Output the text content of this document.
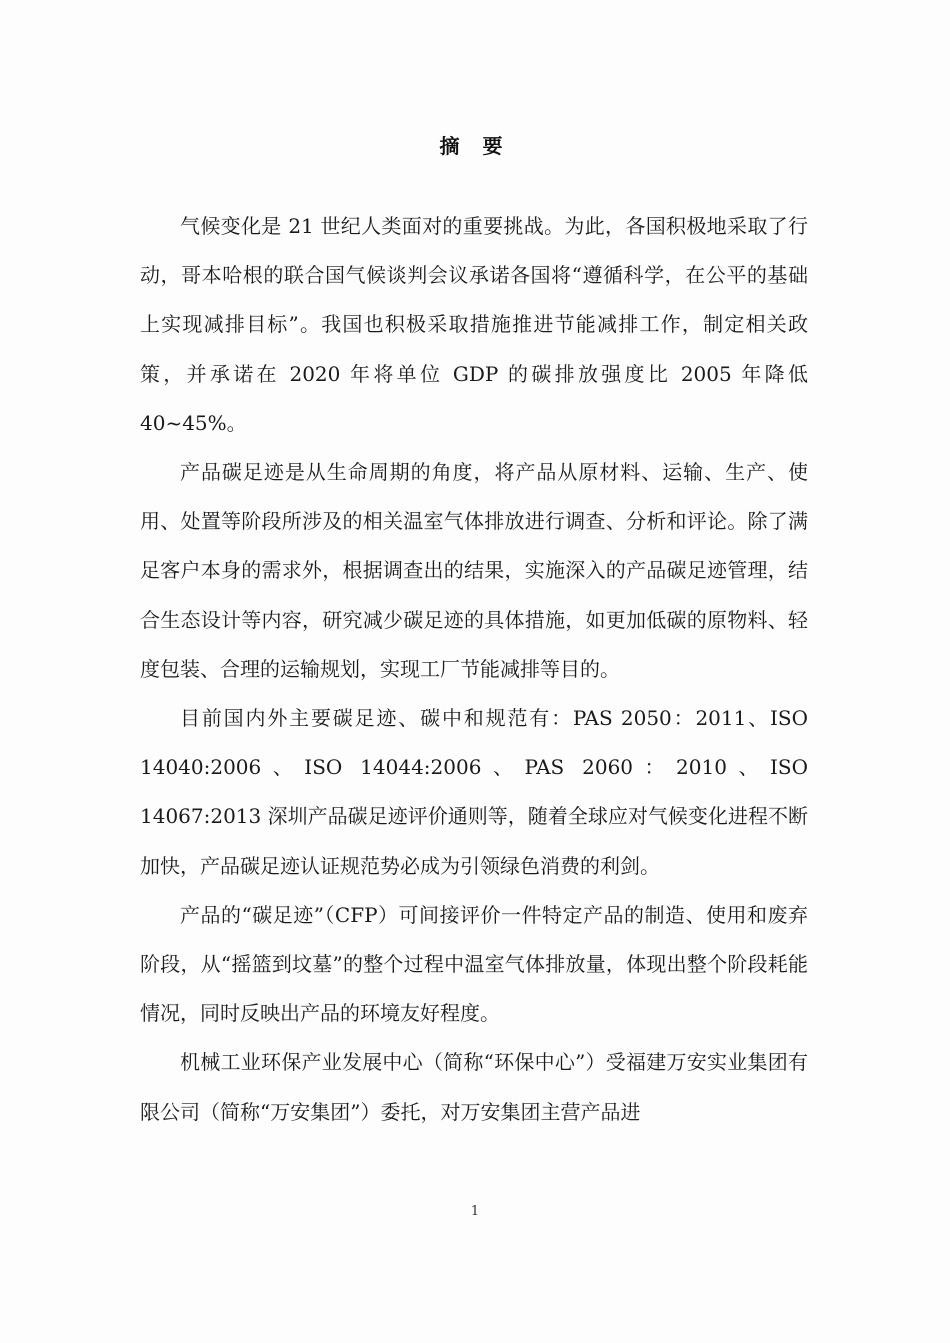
摘 要

气候变化是 21 世纪人类面对的重要挑战。为此，各国积极地采取了行动，哥本哈根的联合国气候谈判会议承诺各国将“遵循科学，在公平的基础上实现减排目标”。我国也积极采取措施推进节能减排工作，制定相关政策，并承诺在 2020 年将单位 GDP 的碳排放强度比 2005 年降低 40~45%。

产品碳足迹是从生命周期的角度，将产品从原材料、运输、生产、使用、处置等阶段所涉及的相关温室气体排放进行调查、分析和评论。除了满足客户本身的需求外，根据调查出的结果，实施深入的产品碳足迹管理，结合生态设计等内容，研究减少碳足迹的具体措施，如更加低碳的原物料、轻度包装、合理的运输规划，实现工厂节能减排等目的。

目前国内外主要碳足迹、碳中和规范有：PAS 2050：2011、ISO 14040:2006、ISO 14044:2006、PAS 2060：2010、ISO 14067:2013 深圳产品碳足迹评价通则等，随着全球应对气候变化进程不断加快，产品碳足迹认证规范势必成为引领绿色消费的利剑。

产品的“碳足迹”（CFP）可间接评价一件特定产品的制造、使用和废弃阶段，从“摇篮到坟墓”的整个过程中温室气体排放量，体现出整个阶段耗能情况，同时反映出产品的环境友好程度。

机械工业环保产业发展中心（简称“环保中心”）受福建万安实业集团有限公司（简称“万安集团”）委托，对万安集团主营产品进

1
